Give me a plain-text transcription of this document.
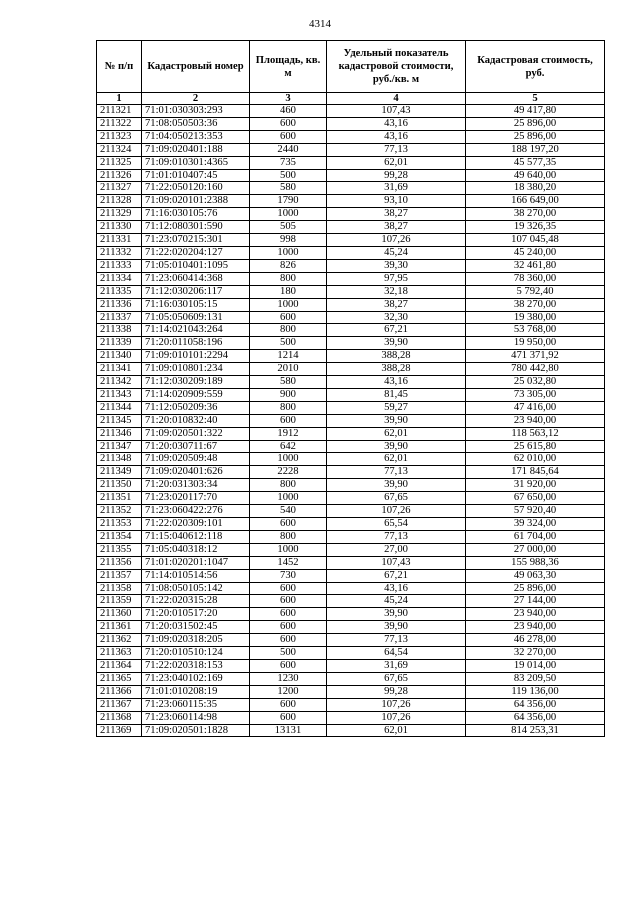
4314
№ п/п	Кадастровый номер	Площадь, кв. м	Удельный показатель кадастровой стоимости, руб./кв. м	Кадастровая стоимость, руб.
1	2	3	4	5
211321	71:01:030303:293	460	107,43	49 417,80
211322	71:08:050503:36	600	43,16	25 896,00
211323	71:04:050213:353	600	43,16	25 896,00
211324	71:09:020401:188	2440	77,13	188 197,20
211325	71:09:010301:4365	735	62,01	45 577,35
211326	71:01:010407:45	500	99,28	49 640,00
211327	71:22:050120:160	580	31,69	18 380,20
211328	71:09:020101:2388	1790	93,10	166 649,00
211329	71:16:030105:76	1000	38,27	38 270,00
211330	71:12:080301:590	505	38,27	19 326,35
211331	71:23:070215:301	998	107,26	107 045,48
211332	71:22:020204:127	1000	45,24	45 240,00
211333	71:05:010401:1095	826	39,30	32 461,80
211334	71:23:060414:368	800	97,95	78 360,00
211335	71:12:030206:117	180	32,18	5 792,40
211336	71:16:030105:15	1000	38,27	38 270,00
211337	71:05:050609:131	600	32,30	19 380,00
211338	71:14:021043:264	800	67,21	53 768,00
211339	71:20:011058:196	500	39,90	19 950,00
211340	71:09:010101:2294	1214	388,28	471 371,92
211341	71:09:010801:234	2010	388,28	780 442,80
211342	71:12:030209:189	580	43,16	25 032,80
211343	71:14:020909:559	900	81,45	73 305,00
211344	71:12:050209:36	800	59,27	47 416,00
211345	71:20:010832:40	600	39,90	23 940,00
211346	71:09:020501:322	1912	62,01	118 563,12
211347	71:20:030711:67	642	39,90	25 615,80
211348	71:09:020509:48	1000	62,01	62 010,00
211349	71:09:020401:626	2228	77,13	171 845,64
211350	71:20:031303:34	800	39,90	31 920,00
211351	71:23:020117:70	1000	67,65	67 650,00
211352	71:23:060422:276	540	107,26	57 920,40
211353	71:22:020309:101	600	65,54	39 324,00
211354	71:15:040612:118	800	77,13	61 704,00
211355	71:05:040318:12	1000	27,00	27 000,00
211356	71:01:020201:1047	1452	107,43	155 988,36
211357	71:14:010514:56	730	67,21	49 063,30
211358	71:08:050105:142	600	43,16	25 896,00
211359	71:22:020315:28	600	45,24	27 144,00
211360	71:20:010517:20	600	39,90	23 940,00
211361	71:20:031502:45	600	39,90	23 940,00
211362	71:09:020318:205	600	77,13	46 278,00
211363	71:20:010510:124	500	64,54	32 270,00
211364	71:22:020318:153	600	31,69	19 014,00
211365	71:23:040102:169	1230	67,65	83 209,50
211366	71:01:010208:19	1200	99,28	119 136,00
211367	71:23:060115:35	600	107,26	64 356,00
211368	71:23:060114:98	600	107,26	64 356,00
211369	71:09:020501:1828	13131	62,01	814 253,31
